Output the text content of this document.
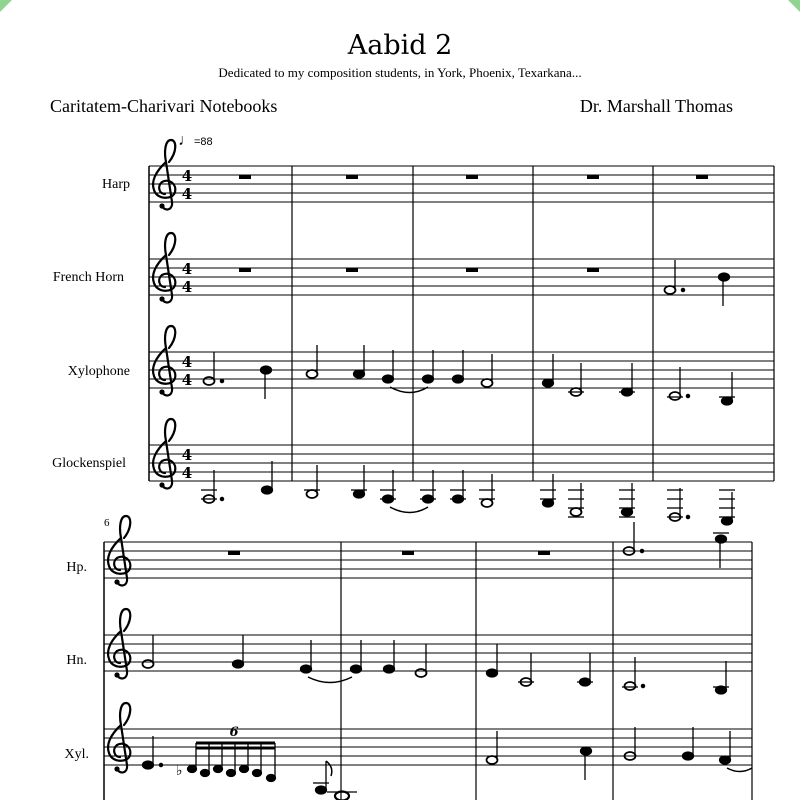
Aabid 2
Dedicated to my composition students, in York, Phoenix, Texarkana...
Caritatem-Charivari Notebooks	Dr. Marshall Thomas
♩=88
Harp
French Horn
Xylophone
Glockenspiel
6
Hp.
Hn.
Xyl.
4
4
4
4
4
4
4
4
♭
6
